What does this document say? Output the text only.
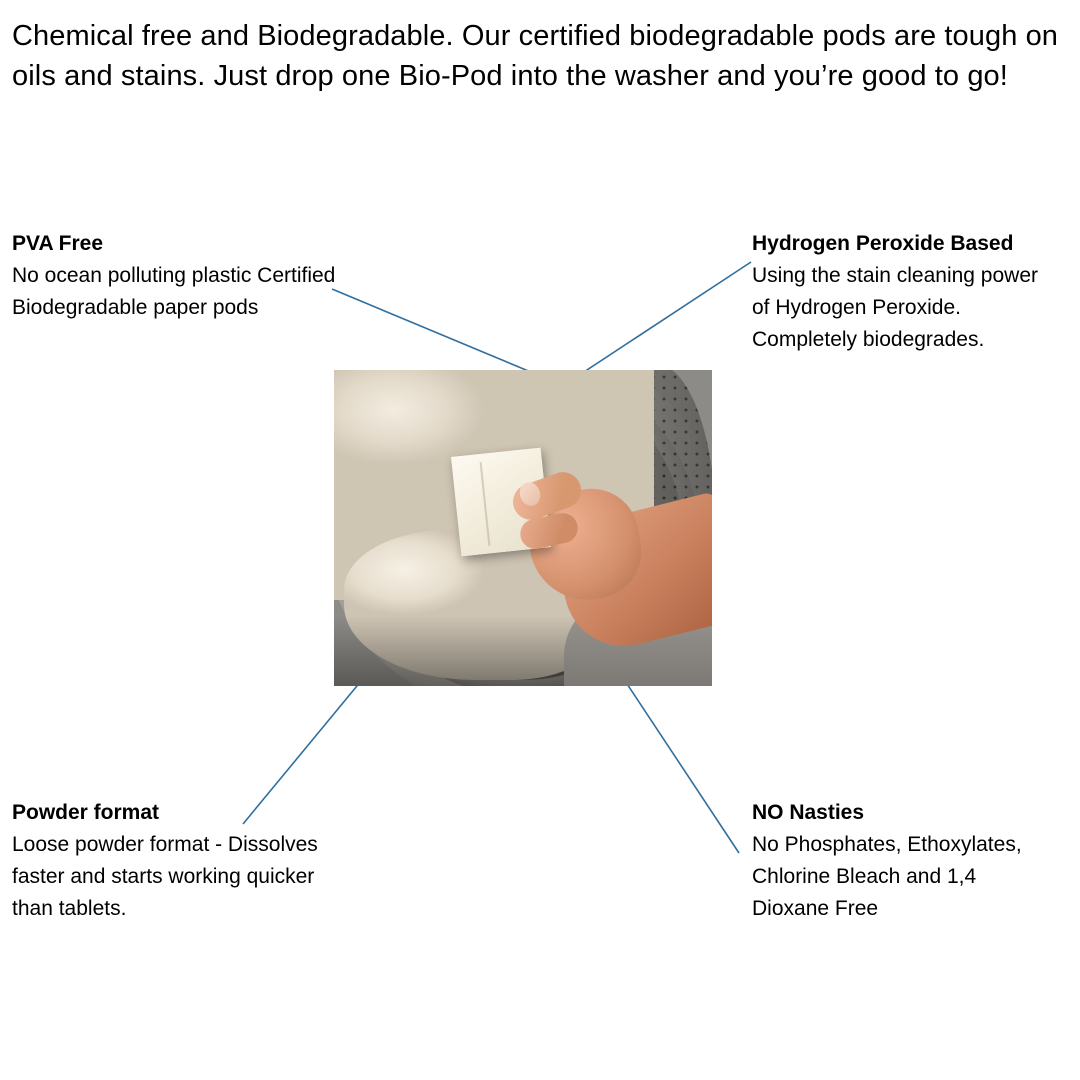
Chemical free and Biodegradable. Our certified biodegradable pods are tough on oils and stains. Just drop one Bio-Pod into the washer and you’re good to go!
PVA Free
No ocean polluting plastic Certified Biodegradable paper pods
Hydrogen Peroxide Based
Using the stain cleaning power of Hydrogen Peroxide. Completely biodegrades.
Powder format
Loose powder format - Dissolves faster and starts working quicker than tablets.
NO Nasties
No Phosphates, Ethoxylates, Chlorine Bleach and 1,4 Dioxane Free
